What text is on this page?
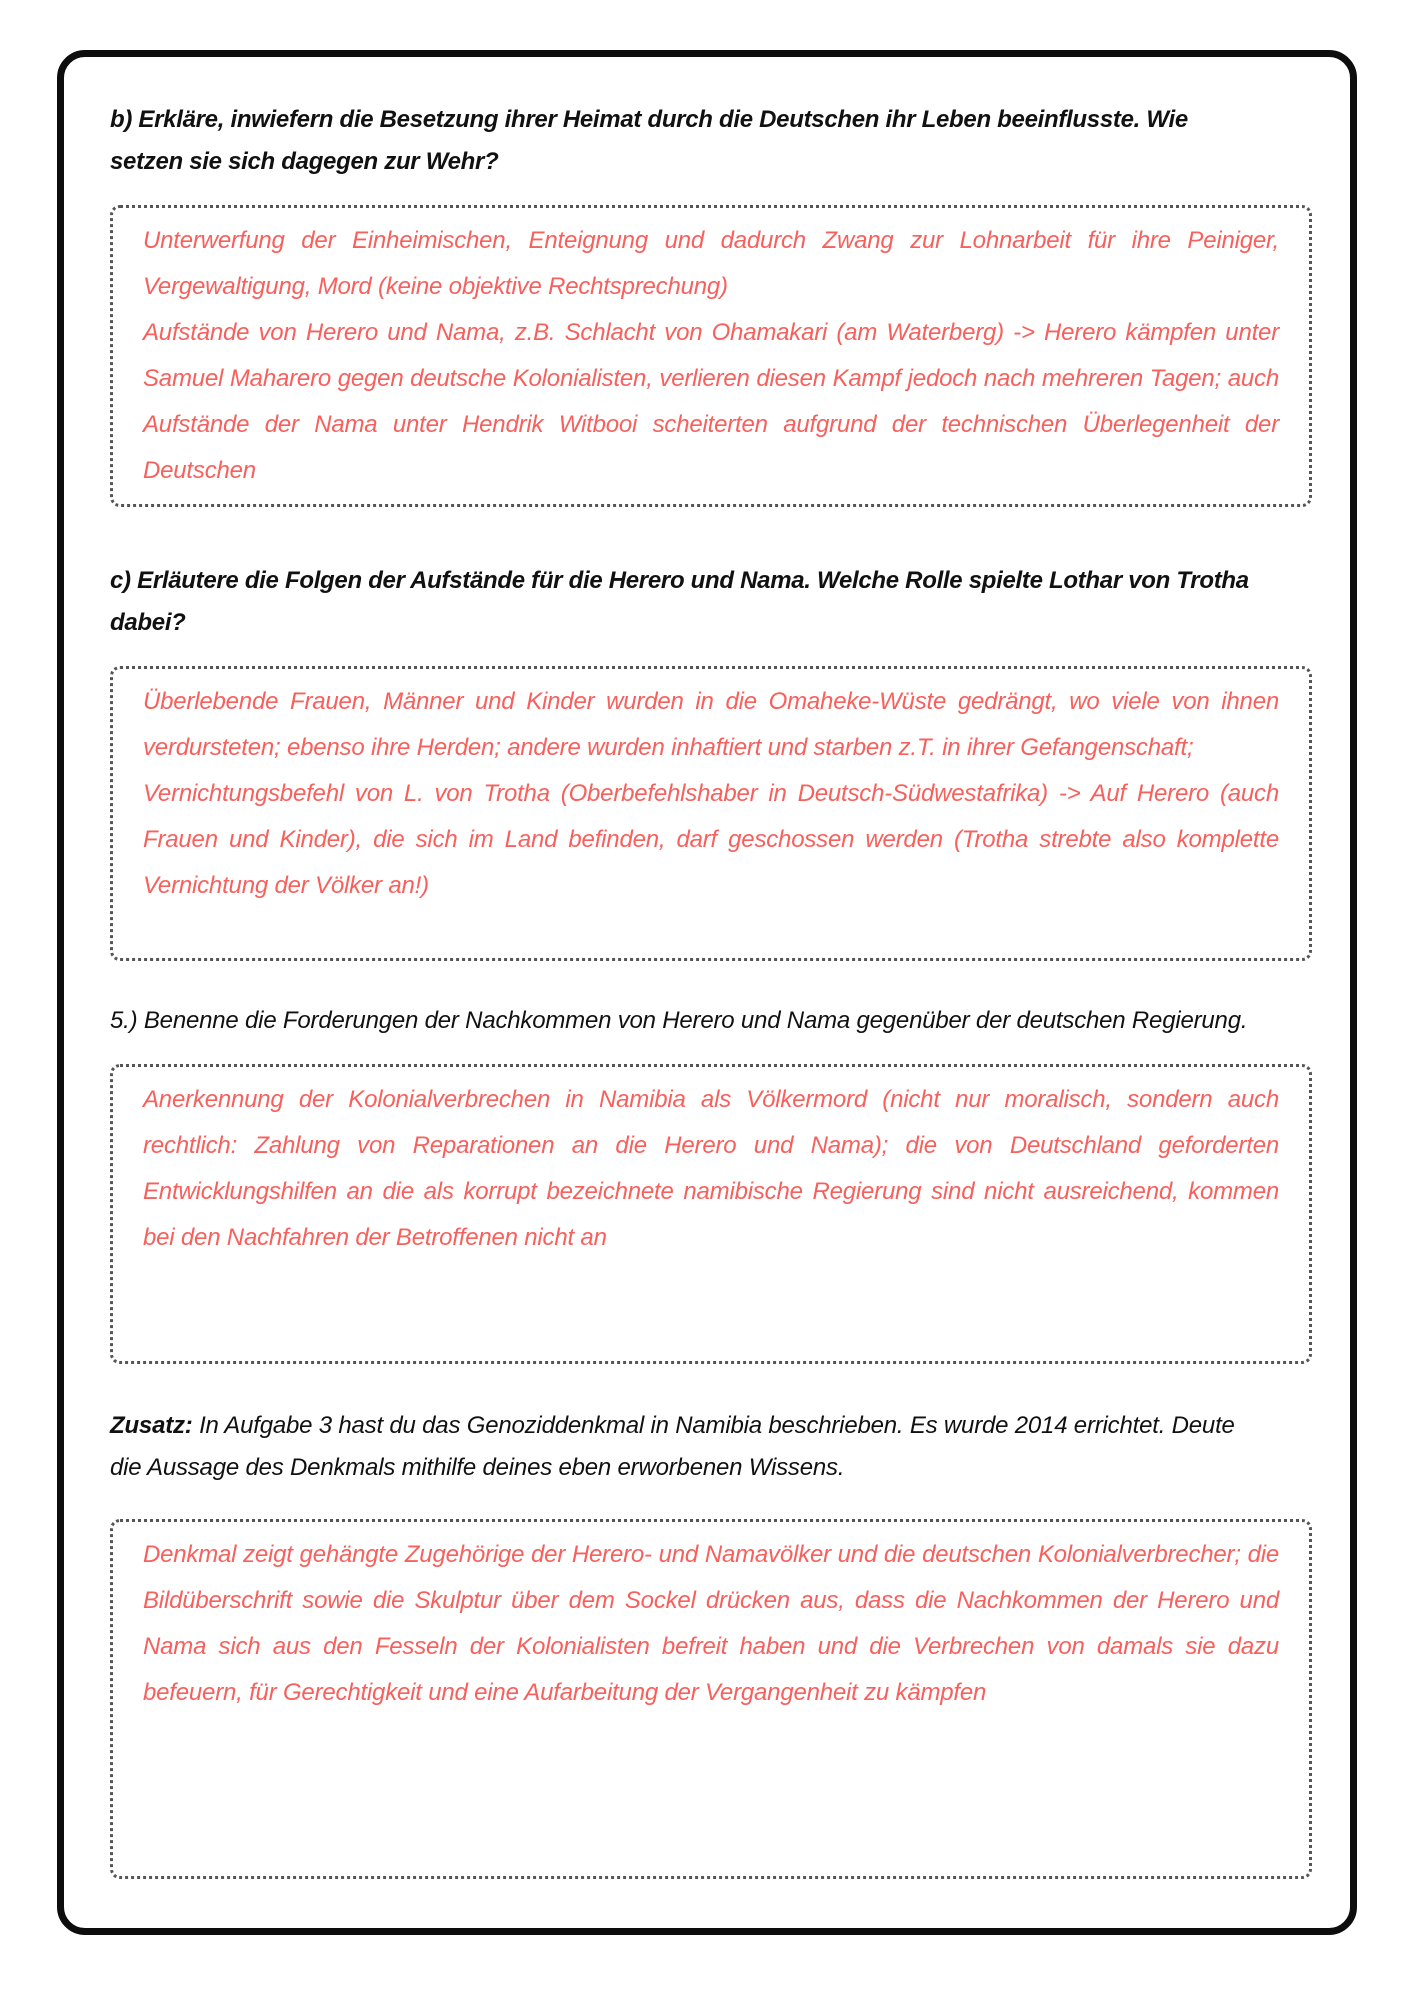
b) Erkläre, inwiefern die Besetzung ihrer Heimat durch die Deutschen ihr Leben beeinflusste. Wie setzen sie sich dagegen zur Wehr?

Unterwerfung der Einheimischen, Enteignung und dadurch Zwang zur Lohnarbeit für ihre Peiniger, Vergewaltigung, Mord (keine objektive Rechtsprechung)

Aufstände von Herero und Nama, z.B. Schlacht von Ohamakari (am Waterberg) -> Herero kämpfen unter Samuel Maharero gegen deutsche Kolonialisten, verlieren diesen Kampf jedoch nach mehreren Tagen; auch Aufstände der Nama unter Hendrik Witbooi scheiterten aufgrund der technischen Überlegenheit der Deutschen

c) Erläutere die Folgen der Aufstände für die Herero und Nama. Welche Rolle spielte Lothar von Trotha dabei?

Überlebende Frauen, Männer und Kinder wurden in die Omaheke-Wüste gedrängt, wo viele von ihnen verdursteten; ebenso ihre Herden; andere wurden inhaftiert und starben z.T. in ihrer Gefangenschaft;

Vernichtungsbefehl von L. von Trotha (Oberbefehlshaber in Deutsch-Südwestafrika) -> Auf Herero (auch Frauen und Kinder), die sich im Land befinden, darf geschossen werden (Trotha strebte also komplette Vernichtung der Völker an!)

5.) Benenne die Forderungen der Nachkommen von Herero und Nama gegenüber der deutschen Regierung.

Anerkennung der Kolonialverbrechen in Namibia als Völkermord (nicht nur moralisch, sondern auch rechtlich: Zahlung von Reparationen an die Herero und Nama); die von Deutschland geforderten Entwicklungshilfen an die als korrupt bezeichnete namibische Regierung sind nicht ausreichend, kommen bei den Nachfahren der Betroffenen nicht an

Zusatz: In Aufgabe 3 hast du das Genoziddenkmal in Namibia beschrieben. Es wurde 2014 errichtet. Deute die Aussage des Denkmals mithilfe deines eben erworbenen Wissens.

Denkmal zeigt gehängte Zugehörige der Herero- und Namavölker und die deutschen Kolonialverbrecher; die Bildüberschrift sowie die Skulptur über dem Sockel drücken aus, dass die Nachkommen der Herero und Nama sich aus den Fesseln der Kolonialisten befreit haben und die Verbrechen von damals sie dazu befeuern, für Gerechtigkeit und eine Aufarbeitung der Vergangenheit zu kämpfen
